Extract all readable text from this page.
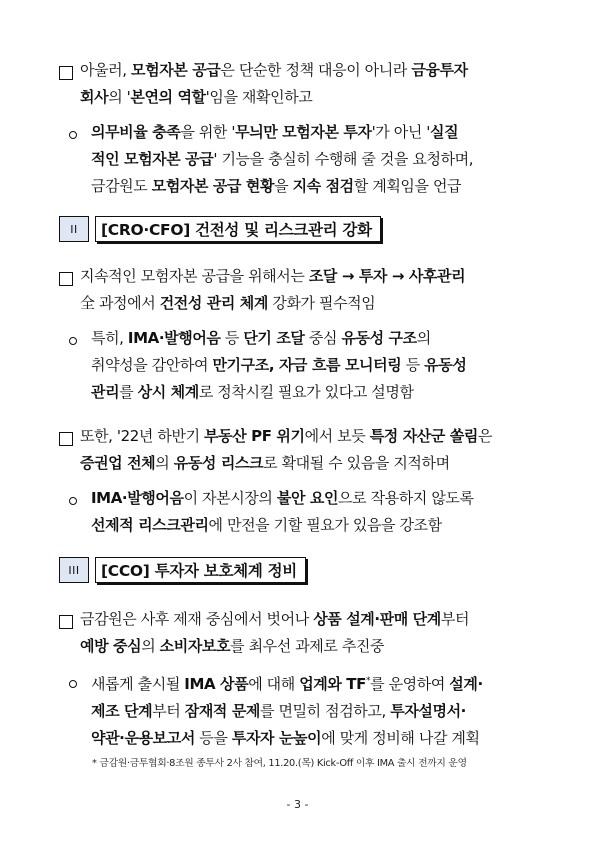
아울러, 모험자본 공급은 단순한 정책 대응이 아니라 금융투자
회사의 '본연의 역할'임을 재확인하고
의무비율 충족을 위한 '무늬만 모험자본 투자'가 아닌 '실질
적인 모험자본 공급' 기능을 충실히 수행해 줄 것을 요청하며,
금감원도 모험자본 공급 현황을 지속 점검할 계획임을 언급
II	[CRO·CFO] 건전성 및 리스크관리 강화
지속적인 모험자본 공급을 위해서는 조달 → 투자 → 사후관리
全 과정에서 건전성 관리 체계 강화가 필수적임
특히, IMA·발행어음 등 단기 조달 중심 유동성 구조의
취약성을 감안하여 만기구조, 자금 흐름 모니터링 등 유동성
관리를 상시 체계로 정착시킬 필요가 있다고 설명함
또한, '22년 하반기 부동산 PF 위기에서 보듯 특정 자산군 쏠림은
증권업 전체의 유동성 리스크로 확대될 수 있음을 지적하며
IMA·발행어음이 자본시장의 불안 요인으로 작용하지 않도록
선제적 리스크관리에 만전을 기할 필요가 있음을 강조함
III	[CCO] 투자자 보호체계 정비
금감원은 사후 제재 중심에서 벗어나 상품 설계·판매 단계부터
예방 중심의 소비자보호를 최우선 과제로 추진중
새롭게 출시될 IMA 상품에 대해 업계와 TF*를 운영하여 설계·
제조 단계부터 잠재적 문제를 면밀히 점검하고, 투자설명서·
약관·운용보고서 등을 투자자 눈높이에 맞게 정비해 나갈 계획
* 금감원·금투협회·8조원 종투사 2사 참여, 11.20.(목) Kick-Off 이후 IMA 출시 전까지 운영
- 3 -
